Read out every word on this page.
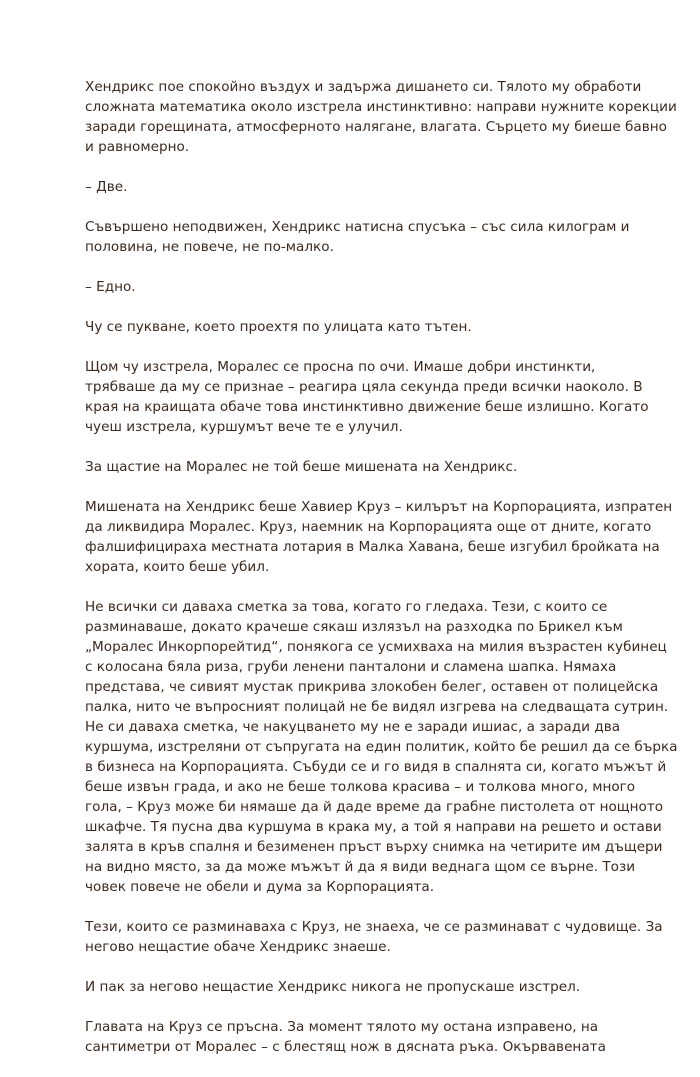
Хендрикс пое спокойно въздух и задържа дишането си. Тялото му обработи
сложната математика около изстрела инстинктивно: направи нужните корекции
заради горещината, атмосферното налягане, влагата. Сърцето му биеше бавно
и равномерно.

– Две.

Съвършено неподвижен, Хендрикс натисна спусъка – със сила килограм и
половина, не повече, не по-малко.

– Едно.

Чу се пукване, което проехтя по улицата като тътен.

Щом чу изстрела, Моралес се просна по очи. Имаше добри инстинкти,
трябваше да му се признае – реагира цяла секунда преди всички наоколо. В
края на краищата обаче това инстинктивно движение беше излишно. Когато
чуеш изстрела, куршумът вече те е улучил.

За щастие на Моралес не той беше мишената на Хендрикс.

Мишената на Хендрикс беше Хавиер Круз – килърът на Корпорацията, изпратен
да ликвидира Моралес. Круз, наемник на Корпорацията още от дните, когато
фалшифицираха местната лотария в Малка Хавана, беше изгубил бройката на
хората, които беше убил.

Не всички си даваха сметка за това, когато го гледаха. Тези, с които се
разминаваше, докато крачеше сякаш излязъл на разходка по Брикел към
„Моралес Инкорпорейтид“, понякога се усмихваха на милия възрастен кубинец
с колосана бяла риза, груби ленени панталони и сламена шапка. Нямаха
представа, че сивият мустак прикрива злокобен белег, оставен от полицейска
палка, нито че въпросният полицай не бе видял изгрева на следващата сутрин.
Не си даваха сметка, че накуцването му не е заради ишиас, а заради два
куршума, изстреляни от съпругата на един политик, който бе решил да се бърка
в бизнеса на Корпорацията. Събуди се и го видя в спалнята си, когато мъжът й
беше извън града, и ако не беше толкова красива – и толкова много, много
гола, – Круз може би нямаше да й даде време да грабне пистолета от нощното
шкафче. Тя пусна два куршума в крака му, а той я направи на решето и остави
залята в кръв спалня и безименен пръст върху снимка на четирите им дъщери
на видно място, за да може мъжът й да я види веднага щом се върне. Този
човек повече не обели и дума за Корпорацията.

Тези, които се разминаваха с Круз, не знаеха, че се разминават с чудовище. За
негово нещастие обаче Хендрикс знаеше.

И пак за негово нещастие Хендрикс никога не пропускаше изстрел.

Главата на Круз се пръсна. За момент тялото му остана изправено, на
сантиметри от Моралес – с блестящ нож в дясната ръка. Окървавената
